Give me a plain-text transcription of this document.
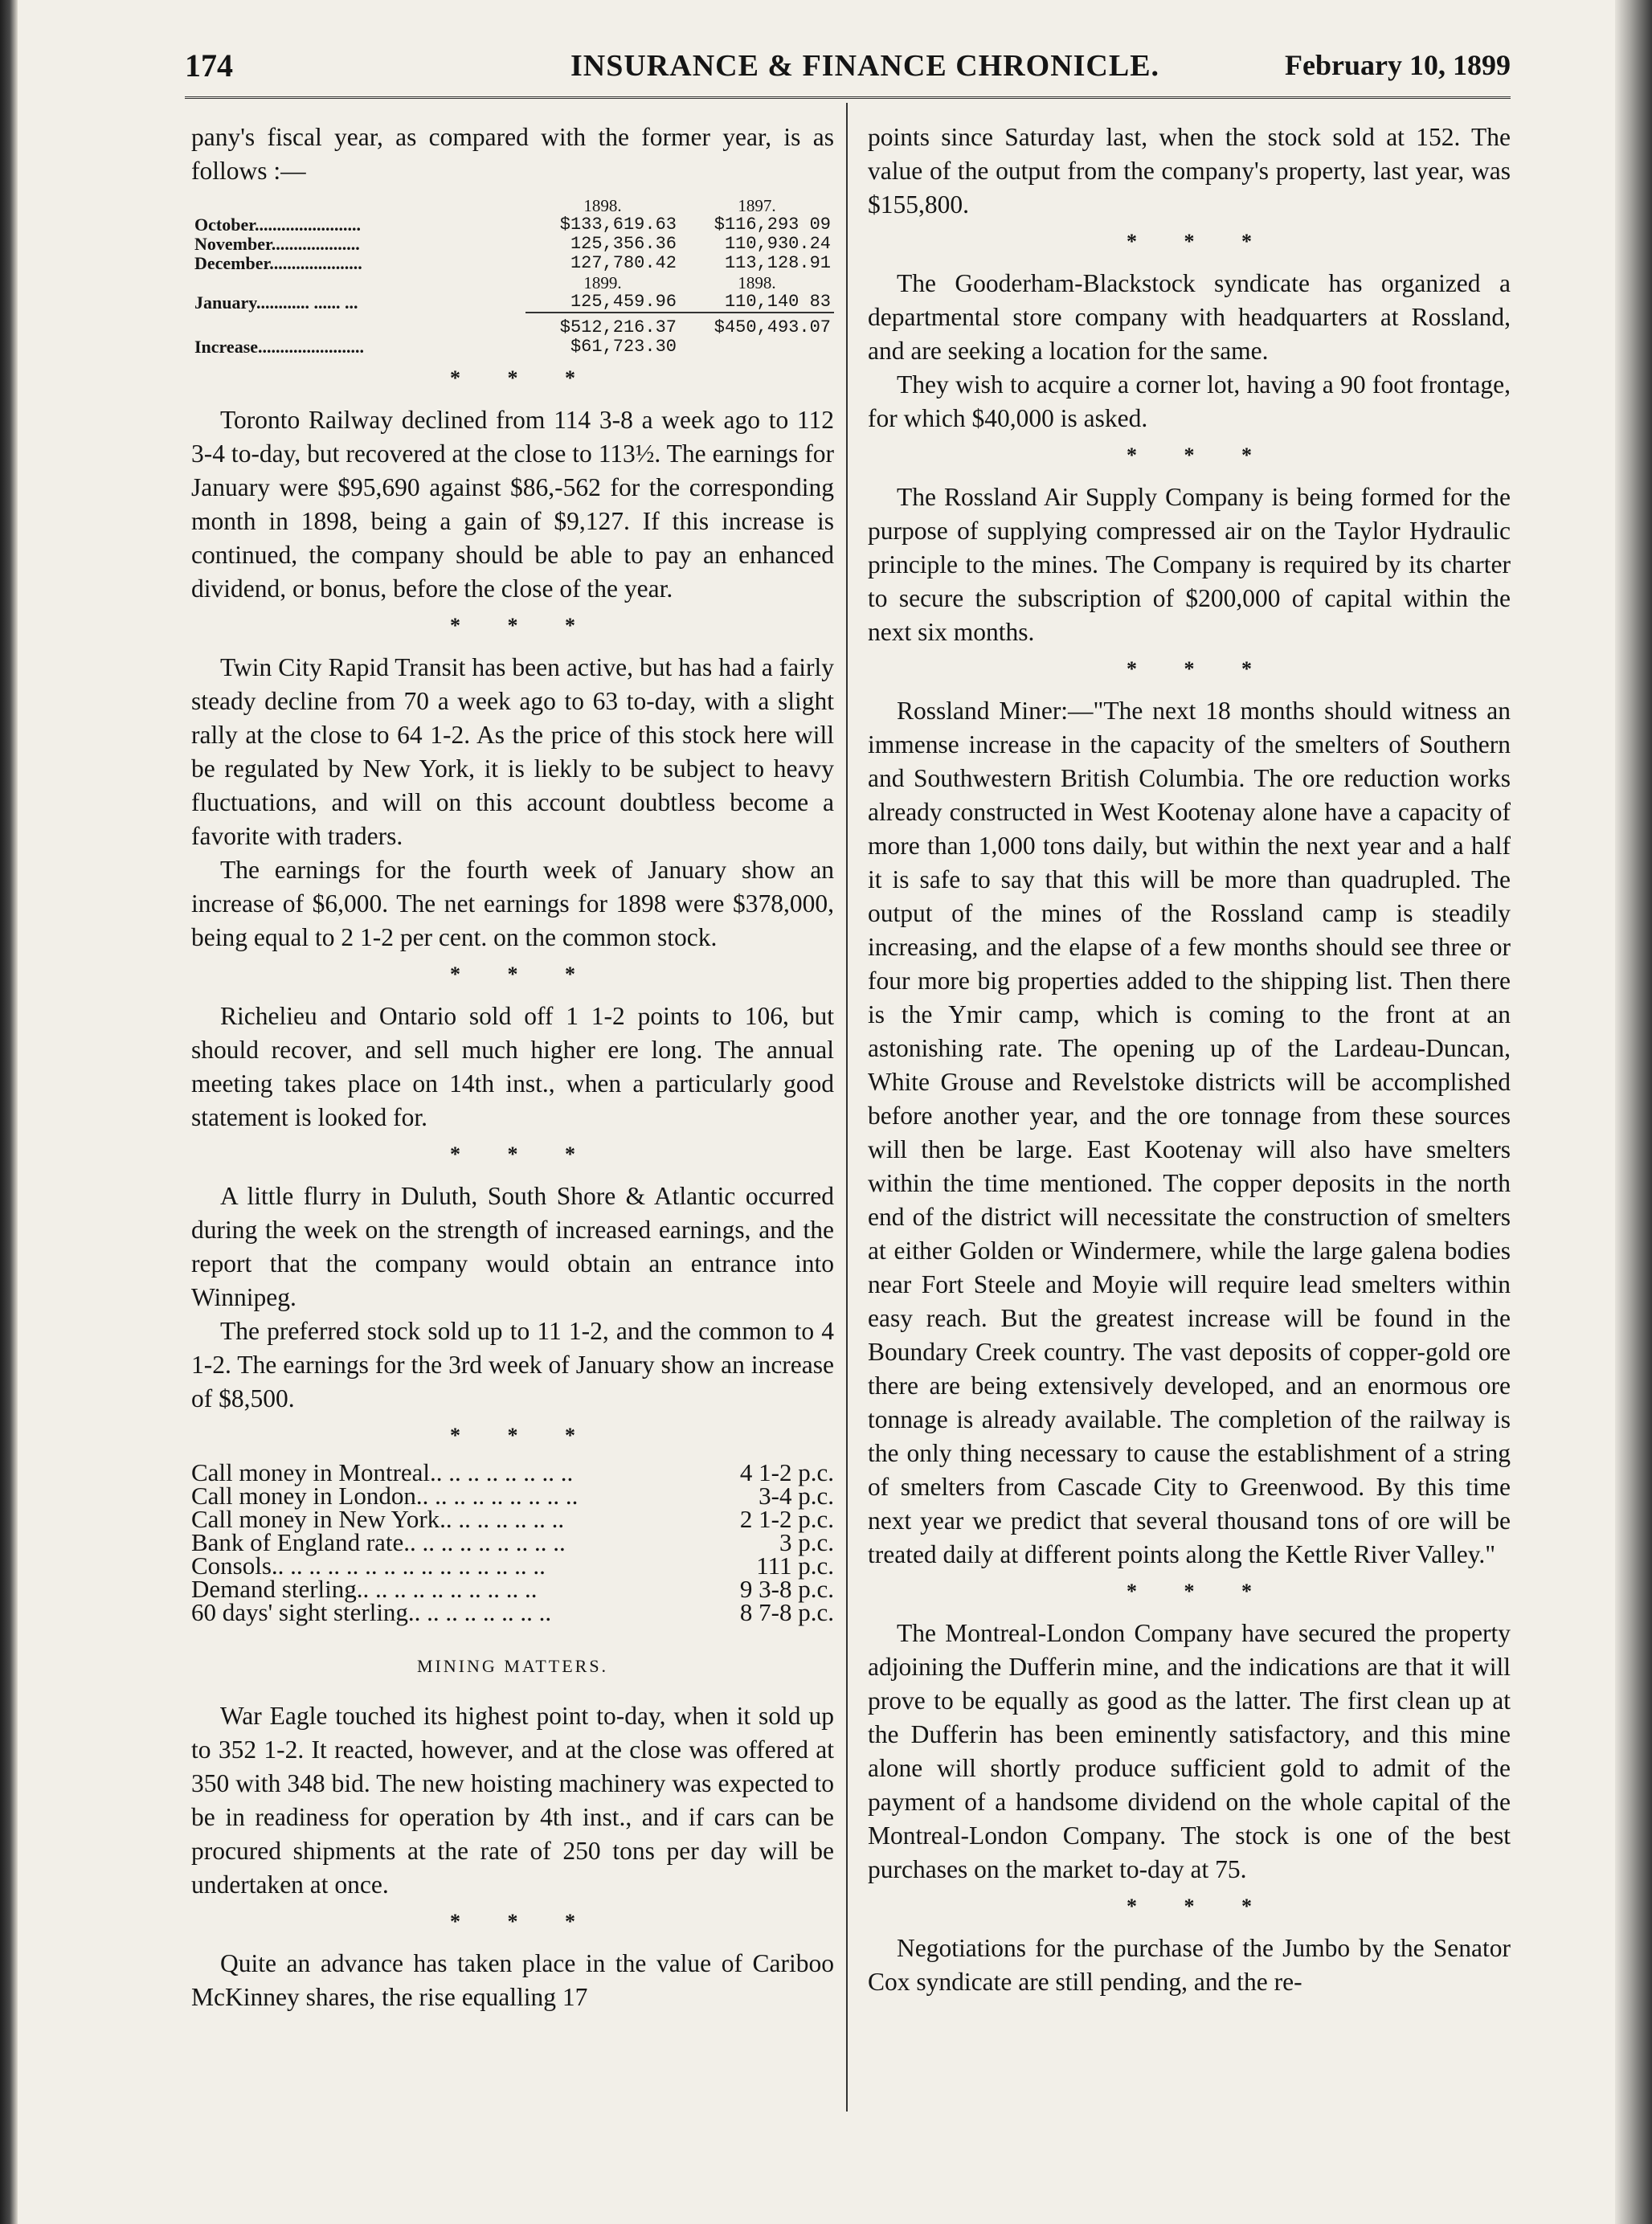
174	INSURANCE & FINANCE CHRONICLE.	February 10, 1899

pany's fiscal year, as compared with the former year, is as follows :—

	1898.	1897.
October........................	$133,619.63	$116,293 09
November....................	125,356.36	110,930.24
December.....................	127,780.42	113,128.91
	1899.	1898.
January............ ...... ...	125,459.96	110,140 83
	$512,216.37	$450,493.07
Increase........................	$61,723.30	
* * *

Toronto Railway declined from 114 3-8 a week ago to 112 3-4 to-day, but recovered at the close to 113½. The earnings for January were $95,690 against $86,-562 for the corresponding month in 1898, being a gain of $9,127. If this increase is continued, the company should be able to pay an enhanced dividend, or bonus, before the close of the year.

* * *

Twin City Rapid Transit has been active, but has had a fairly steady decline from 70 a week ago to 63 to-day, with a slight rally at the close to 64 1-2. As the price of this stock here will be regulated by New York, it is liekly to be subject to heavy fluctuations, and will on this account doubtless become a favorite with traders.

The earnings for the fourth week of January show an increase of $6,000. The net earnings for 1898 were $378,000, being equal to 2 1-2 per cent. on the common stock.

* * *

Richelieu and Ontario sold off 1 1-2 points to 106, but should recover, and sell much higher ere long. The annual meeting takes place on 14th inst., when a particularly good statement is looked for.

* * *

A little flurry in Duluth, South Shore & Atlantic occurred during the week on the strength of increased earnings, and the report that the company would obtain an entrance into Winnipeg.

The preferred stock sold up to 11 1-2, and the common to 4 1-2. The earnings for the 3rd week of January show an increase of $8,500.

* * *
Call money in Montreal.. .. .. .. .. .. .. ..	4 1-2 p.c.
Call money in London.. .. .. .. .. .. .. .. ..	3-4 p.c.
Call money in New York.. .. .. .. .. .. ..	2 1-2 p.c.
Bank of England rate.. .. .. .. .. .. .. .. ..	3 p.c.
Consols.. .. .. .. .. .. .. .. .. .. .. .. .. .. ..	111 p.c.
Demand sterling.. .. .. .. .. .. .. .. .. ..	9 3-8 p.c.
60 days' sight sterling.. .. .. .. .. .. .. ..	8 7-8 p.c.
MINING MATTERS.

War Eagle touched its highest point to-day, when it sold up to 352 1-2. It reacted, however, and at the close was offered at 350 with 348 bid. The new hoisting machinery was expected to be in readiness for operation by 4th inst., and if cars can be procured shipments at the rate of 250 tons per day will be undertaken at once.

* * *

Quite an advance has taken place in the value of Cariboo McKinney shares, the rise equalling 17

points since Saturday last, when the stock sold at 152. The value of the output from the company's property, last year, was $155,800.

* * *

The Gooderham-Blackstock syndicate has organized a departmental store company with headquarters at Rossland, and are seeking a location for the same.

They wish to acquire a corner lot, having a 90 foot frontage, for which $40,000 is asked.

* * *

The Rossland Air Supply Company is being formed for the purpose of supplying compressed air on the Taylor Hydraulic principle to the mines. The Company is required by its charter to secure the subscription of $200,000 of capital within the next six months.

* * *

Rossland Miner:—"The next 18 months should witness an immense increase in the capacity of the smelters of Southern and Southwestern British Columbia. The ore reduction works already constructed in West Kootenay alone have a capacity of more than 1,000 tons daily, but within the next year and a half it is safe to say that this will be more than quadrupled. The output of the mines of the Rossland camp is steadily increasing, and the elapse of a few months should see three or four more big properties added to the shipping list. Then there is the Ymir camp, which is coming to the front at an astonishing rate. The opening up of the Lardeau-Duncan, White Grouse and Revelstoke districts will be accomplished before another year, and the ore tonnage from these sources will then be large. East Kootenay will also have smelters within the time mentioned. The copper deposits in the north end of the district will necessitate the construction of smelters at either Golden or Windermere, while the large galena bodies near Fort Steele and Moyie will require lead smelters within easy reach. But the greatest increase will be found in the Boundary Creek country. The vast deposits of copper-gold ore there are being extensively developed, and an enormous ore tonnage is already available. The completion of the railway is the only thing necessary to cause the establishment of a string of smelters from Cascade City to Greenwood. By this time next year we predict that several thousand tons of ore will be treated daily at different points along the Kettle River Valley."

* * *

The Montreal-London Company have secured the property adjoining the Dufferin mine, and the indications are that it will prove to be equally as good as the latter. The first clean up at the Dufferin has been eminently satisfactory, and this mine alone will shortly produce sufficient gold to admit of the payment of a handsome dividend on the whole capital of the Montreal-London Company. The stock is one of the best purchases on the market to-day at 75.

* * *

Negotiations for the purchase of the Jumbo by the Senator Cox syndicate are still pending, and the re-
